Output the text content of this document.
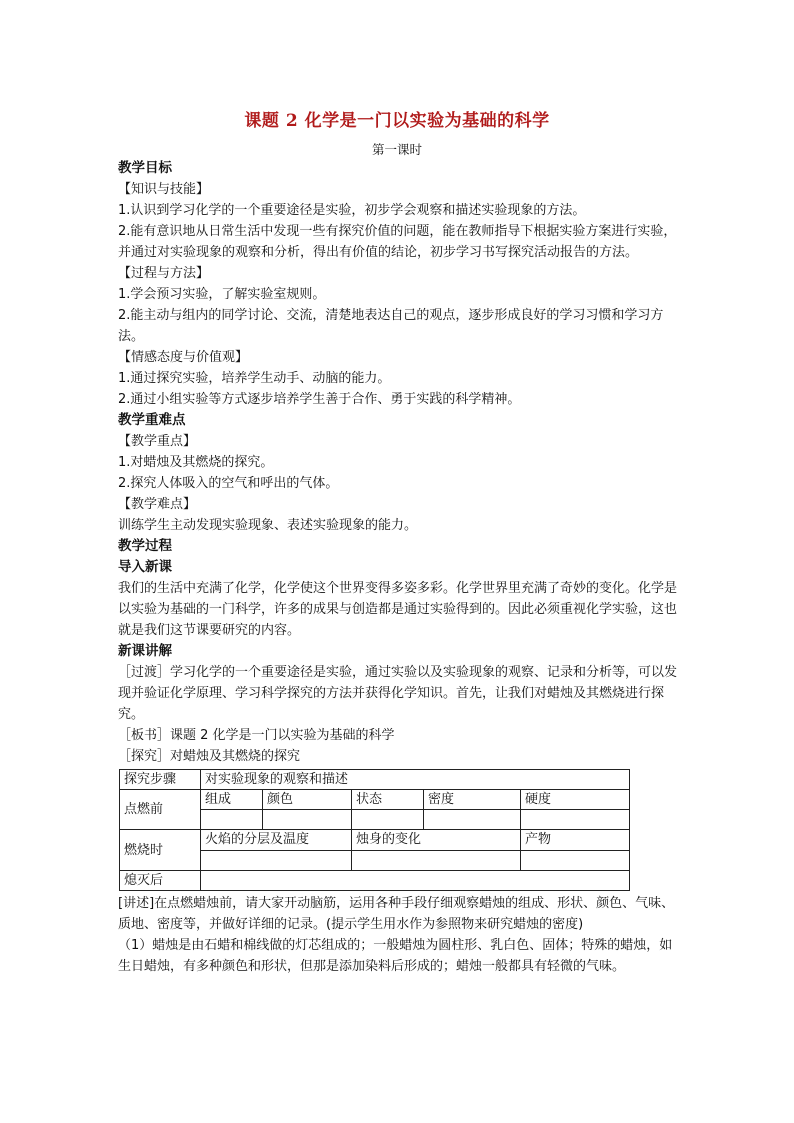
课题 2 化学是一门以实验为基础的科学
第一课时

教学目标

【知识与技能】

1.认识到学习化学的一个重要途径是实验，初步学会观察和描述实验现象的方法。

2.能有意识地从日常生活中发现一些有探究价值的问题，能在教师指导下根据实验方案进行实验，并通过对实验现象的观察和分析，得出有价值的结论，初步学习书写探究活动报告的方法。

【过程与方法】

1.学会预习实验，了解实验室规则。

2.能主动与组内的同学讨论、交流，清楚地表达自己的观点，逐步形成良好的学习习惯和学习方法。

【情感态度与价值观】

1.通过探究实验，培养学生动手、动脑的能力。

2.通过小组实验等方式逐步培养学生善于合作、勇于实践的科学精神。

教学重难点

【教学重点】

1.对蜡烛及其燃烧的探究。

2.探究人体吸入的空气和呼出的气体。

【教学难点】

训练学生主动发现实验现象、表述实验现象的能力。

教学过程

导入新课

我们的生活中充满了化学，化学使这个世界变得多姿多彩。化学世界里充满了奇妙的变化。化学是以实验为基础的一门科学，许多的成果与创造都是通过实验得到的。因此必须重视化学实验，这也就是我们这节课要研究的内容。

新课讲解

［过渡］学习化学的一个重要途径是实验，通过实验以及实验现象的观察、记录和分析等，可以发现并验证化学原理、学习科学探究的方法并获得化学知识。首先，让我们对蜡烛及其燃烧进行探究。

［板书］课题 2 化学是一门以实验为基础的科学

［探究］对蜡烛及其燃烧的探究

探究步骤	对实验现象的观察和描述				
点燃前	组成	颜色	状态	密度	硬度

燃烧时	火焰的分层及温度		烛身的变化		产物

熄灭后					

[讲述]在点燃蜡烛前，请大家开动脑筋，运用各种手段仔细观察蜡烛的组成、形状、颜色、气味、质地、密度等，并做好详细的记录。(提示学生用水作为参照物来研究蜡烛的密度)

（1）蜡烛是由石蜡和棉线做的灯芯组成的；一般蜡烛为圆柱形、乳白色、固体；特殊的蜡烛，如生日蜡烛，有多种颜色和形状，但那是添加染料后形成的；蜡烛一般都具有轻微的气味。
